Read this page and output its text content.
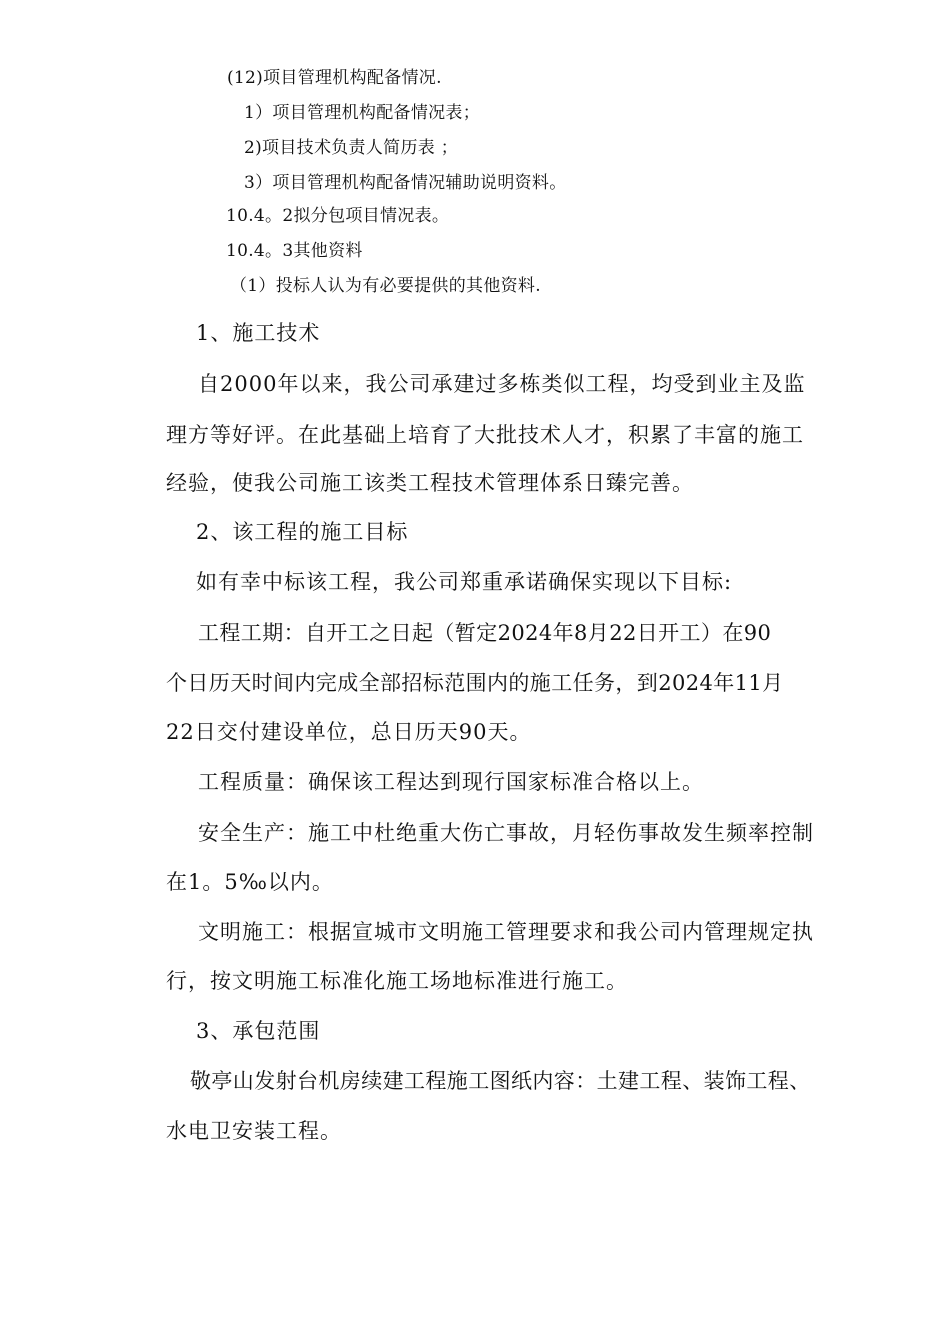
(12)项目管理机构配备情况.

1）项目管理机构配备情况表；

2)项目技术负责人简历表 ；

3）项目管理机构配备情况辅助说明资料。

10.4。2拟分包项目情况表。

10.4。3其他资料

（1）投标人认为有必要提供的其他资料.

1、施工技术

自2000年以来，我公司承建过多栋类似工程，均受到业主及监

理方等好评。在此基础上培育了大批技术人才，积累了丰富的施工

经验，使我公司施工该类工程技术管理体系日臻完善。

2、该工程的施工目标

如有幸中标该工程，我公司郑重承诺确保实现以下目标:

工程工期：自开工之日起（暂定2024年8月22日开工）在90

个日历天时间内完成全部招标范围内的施工任务，到2024年11月

22日交付建设单位，总日历天90天。

工程质量：确保该工程达到现行国家标准合格以上。

安全生产：施工中杜绝重大伤亡事故，月轻伤事故发生频率控制

在1。5‰以内。

文明施工：根据宣城市文明施工管理要求和我公司内管理规定执

行，按文明施工标准化施工场地标准进行施工。

3、承包范围

敬亭山发射台机房续建工程施工图纸内容：土建工程、装饰工程、

水电卫安装工程。
